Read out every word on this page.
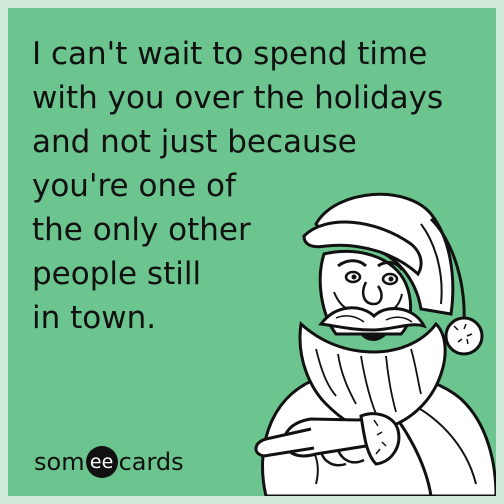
I can't wait to spend time
with you over the holidays
and not just because
you're one of
the only other
people still
in town.

som ee cards
